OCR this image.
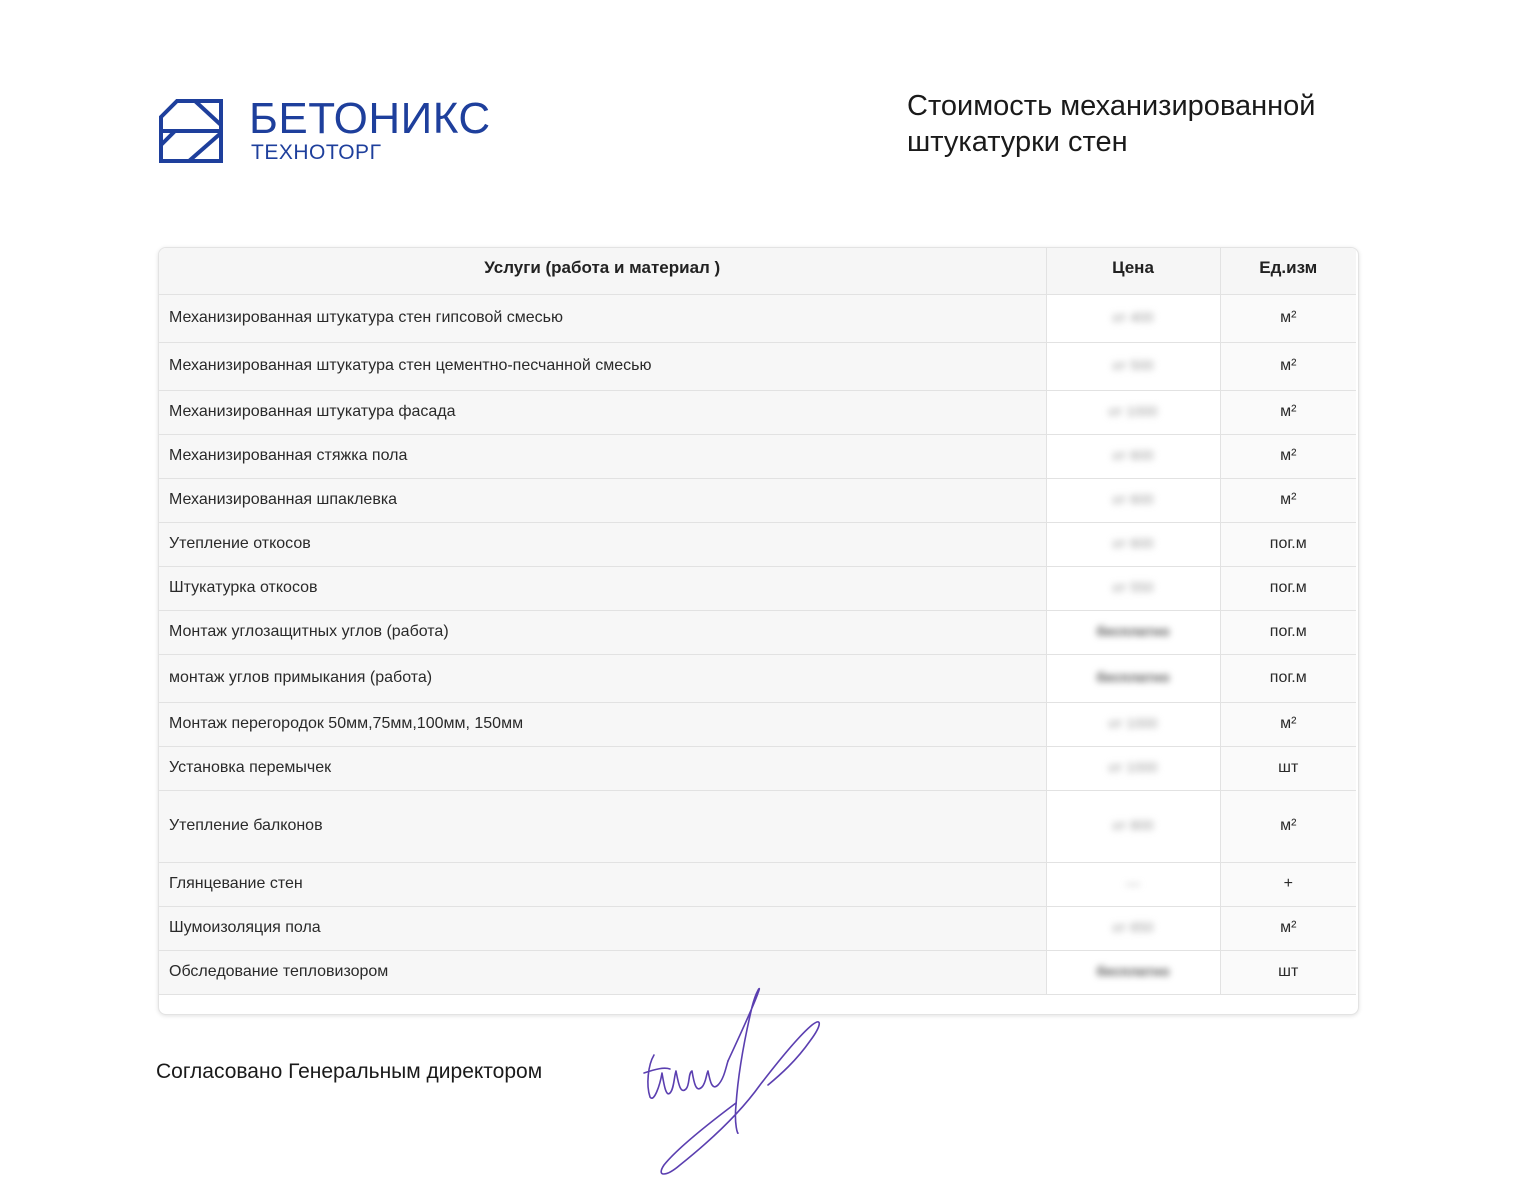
БЕТОНИКС
ТЕХНОТОРГ
Стоимость механизированной штукатурки стен
Услуги (работа и материал )	Цена	Ед.изм
Механизированная штукатура стен гипсовой смесью	от 400	м²
Механизированная штукатура стен цементно-песчанной смесью	от 500	м²
Механизированная штукатура фасада	от 1000	м²
Механизированная стяжка пола	от 600	м²
Механизированная шпаклевка	от 600	м²
Утепление откосов	от 600	пог.м
Штукатурка откосов	от 550	пог.м
Монтаж углозащитных углов (работа)	бесплатно	пог.м
монтаж углов примыкания (работа)	бесплатно	пог.м
Монтаж перегородок 50мм,75мм,100мм, 150мм	от 1000	м²
Установка перемычек	от 1000	шт
Утепление балконов	от 800	м²
Глянцевание стен	—	+
Шумоизоляция пола	от 650	м²
Обследование тепловизором	бесплатно	шт
Согласовано Генеральным директором
